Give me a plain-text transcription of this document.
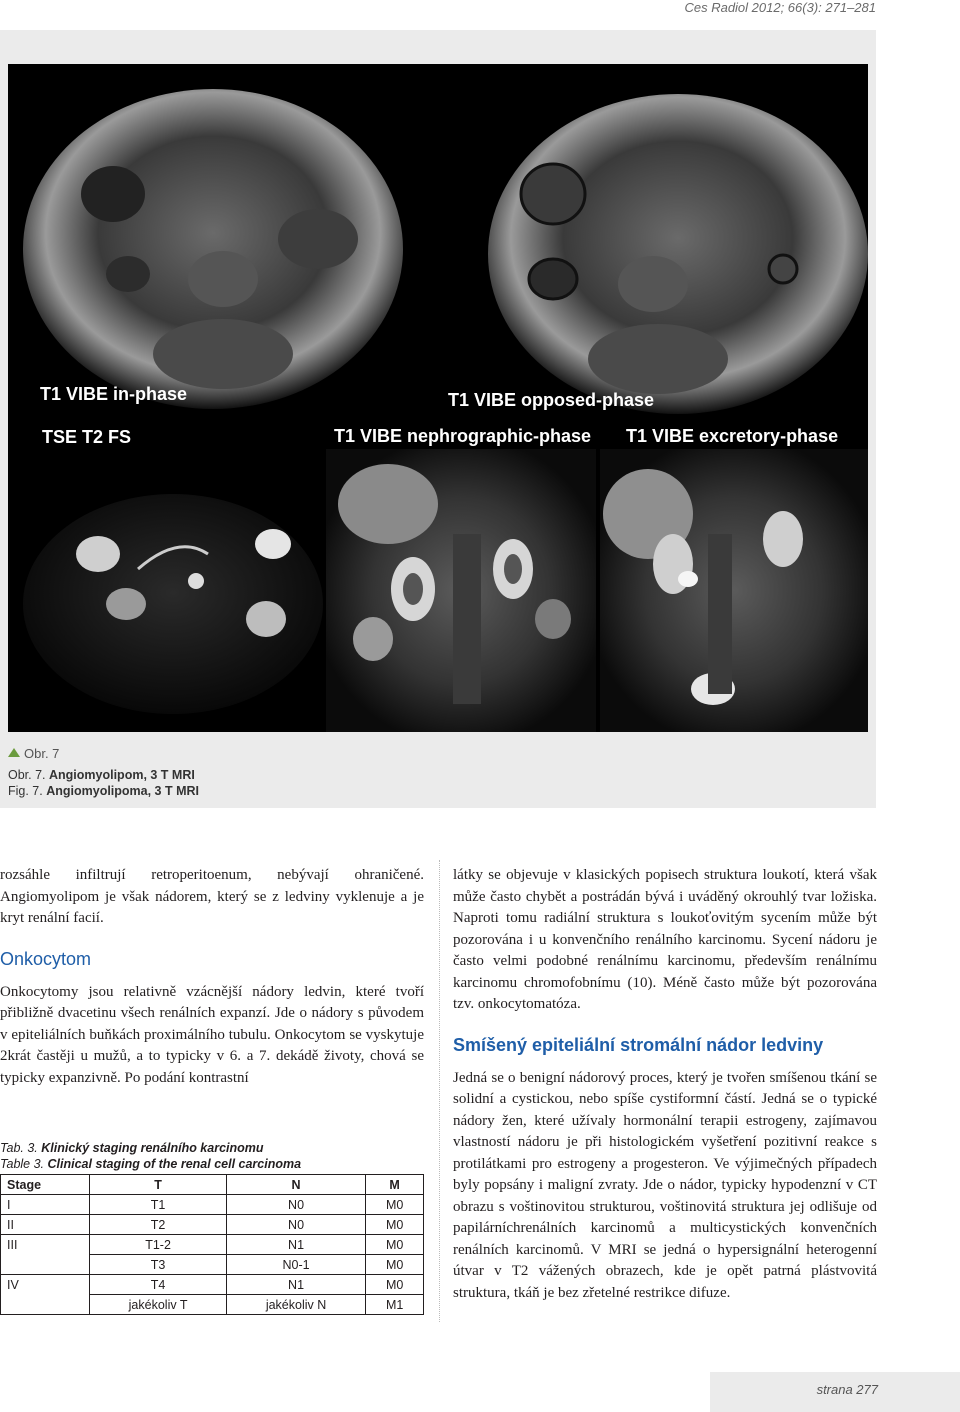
Ces Radiol 2012; 66(3): 271–281
T1 VIBE in-phase	T1 VIBE opposed-phase
TSE T2 FS	T1 VIBE nephrographic-phase T1 VIBE excretory-phase
Obr. 7
Obr. 7. Angiomyolipom, 3 T MRI
Fig. 7. Angiomyolipoma, 3 T MRI

rozsáhle infiltrují retroperitoenum, nebývají ohraničené. Angiomyolipom je však nádorem, který se z ledviny vyklenuje a je kryt renální facií.

Onkocytom

Onkocytomy jsou relativně vzácnější nádory ledvin, které tvoří přibližně dvacetinu všech renálních expanzí. Jde o nádory s původem v epiteliálních buňkách proximálního tubulu. Onkocytom se vyskytuje 2krát častěji u mužů, a to typicky v 6. a 7. dekádě životy, chová se typicky expanzivně. Po podání kontrastní

Tab. 3. Klinický staging renálního karcinomu
Table 3. Clinical staging of the renal cell carcinoma
Stage	T	N	M
I	T1	N0	M0
II	T2	N0	M0
III	T1-2	N1	M0
	T3	N0-1	M0
IV	T4	N1	M0
	jakékoliv T	jakékoliv N	M1

látky se objevuje v klasických popisech struktura loukotí, která však může často chybět a postrádán bývá i uváděný okrouhlý tvar ložiska. Naproti tomu radiální struktura s loukoťovitým sycením může být pozorována i u konvenčního renálního karcinomu. Sycení nádoru je často velmi podobné renálnímu karcinomu, především renálnímu karcinomu chromofobnímu (10). Méně často může být pozorována tzv. onkocytomatóza.

Smíšený epiteliální stromální nádor ledviny

Jedná se o benigní nádorový proces, který je tvořen smíšenou tkání se solidní a cystickou, nebo spíše cystiformní částí. Jedná se o typické nádory žen, které užívaly hormonální terapii estrogeny, zajímavou vlastností nádoru je při histologickém vyšetření pozitivní reakce s protilátkami pro estrogeny a progesteron. Ve výjimečných případech byly popsány i maligní zvraty. Jde o nádor, typicky hypodenzní v CT obrazu s voštinovitou strukturou, voštinovitá struktura jej odlišuje od papilárníchrenálních karcinomů a multicystických konvenčních renálních karcinomů. V MRI se jedná o hypersignální heterogenní útvar v T2 vážených obrazech, kde je opět patrná plástvovitá struktura, tkáň je bez zřetelné restrikce difuze.

strana 277
